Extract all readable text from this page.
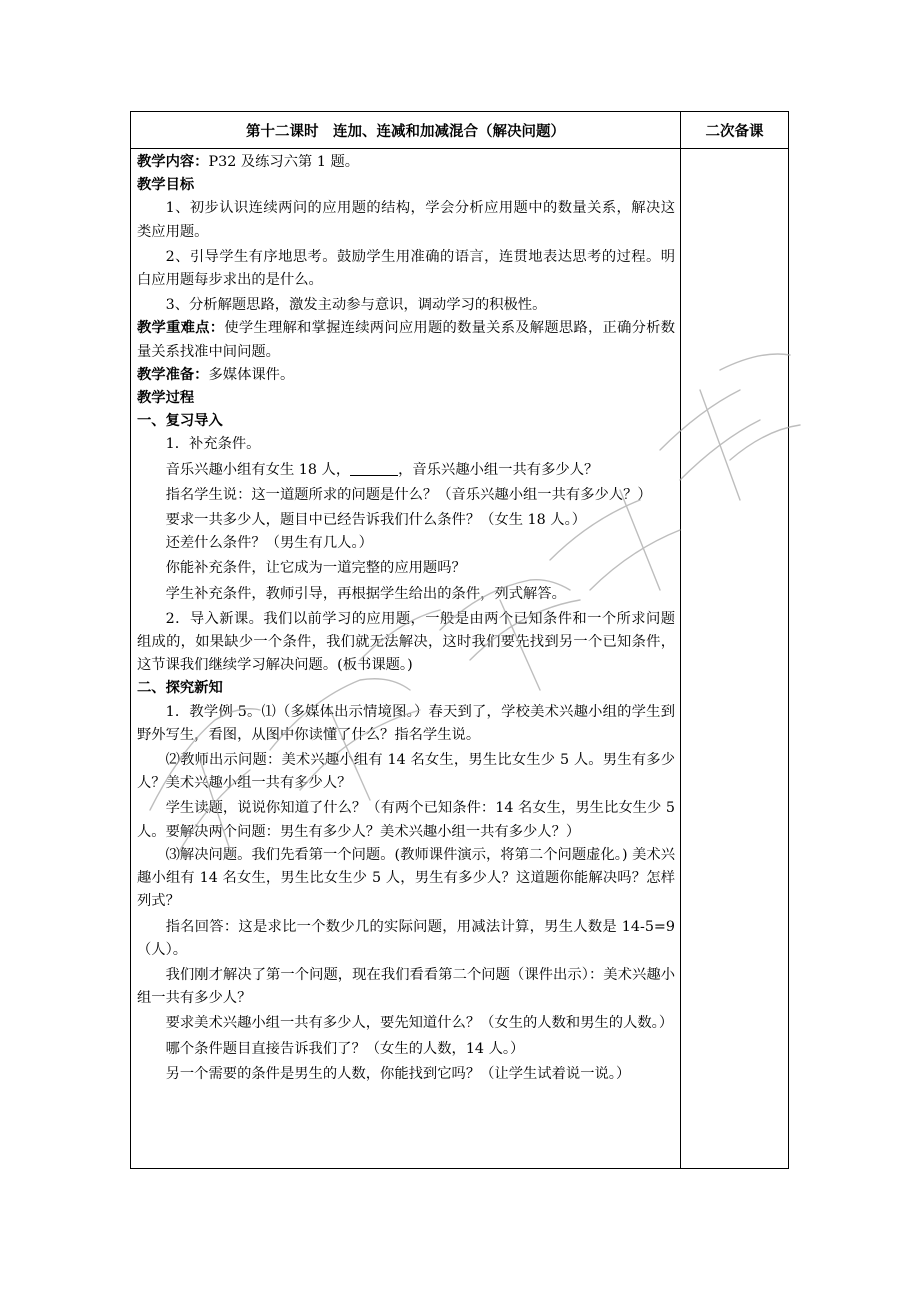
第十二课时　连加、连减和加减混合（解决问题）	二次备课

教学内容：P32 及练习六第 1 题。

教学目标

1、初步认识连续两问的应用题的结构，学会分析应用题中的数量关系，解决这类应用题。

2、引导学生有序地思考。鼓励学生用准确的语言，连贯地表达思考的过程。明白应用题每步求出的是什么。

3、分析解题思路，激发主动参与意识，调动学习的积极性。

教学重难点：使学生理解和掌握连续两问应用题的数量关系及解题思路，正确分析数量关系找准中间问题。

教学准备：多媒体课件。

教学过程

一、复习导入

1．补充条件。

音乐兴趣小组有女生 18 人，	，音乐兴趣小组一共有多少人？

指名学生说：这一道题所求的问题是什么？（音乐兴趣小组一共有多少人？）

要求一共多少人，题目中已经告诉我们什么条件？（女生 18 人。）

还差什么条件？（男生有几人。）

你能补充条件，让它成为一道完整的应用题吗？

学生补充条件，教师引导，再根据学生给出的条件，列式解答。

2．导入新课。我们以前学习的应用题，一般是由两个已知条件和一个所求问题组成的，如果缺少一个条件，我们就无法解决，这时我们要先找到另一个已知条件，这节课我们继续学习解决问题。(板书课题。)

二、探究新知

1．教学例 5。⑴（多媒体出示情境图。）春天到了，学校美术兴趣小组的学生到野外写生，看图，从图中你读懂了什么？指名学生说。

⑵教师出示问题：美术兴趣小组有 14 名女生，男生比女生少 5 人。男生有多少人？美术兴趣小组一共有多少人？

学生读题，说说你知道了什么？（有两个已知条件：14 名女生，男生比女生少 5 人。要解决两个问题：男生有多少人？美术兴趣小组一共有多少人？）

⑶解决问题。我们先看第一个问题。(教师课件演示，将第二个问题虚化。) 美术兴趣小组有 14 名女生，男生比女生少 5 人，男生有多少人？这道题你能解决吗？怎样列式？

指名回答：这是求比一个数少几的实际问题，用减法计算，男生人数是 14-5=9（人）。

我们刚才解决了第一个问题，现在我们看看第二个问题（课件出示）：美术兴趣小组一共有多少人？

要求美术兴趣小组一共有多少人，要先知道什么？（女生的人数和男生的人数。）

哪个条件题目直接告诉我们了？（女生的人数，14 人。）

另一个需要的条件是男生的人数，你能找到它吗？（让学生试着说一说。）
